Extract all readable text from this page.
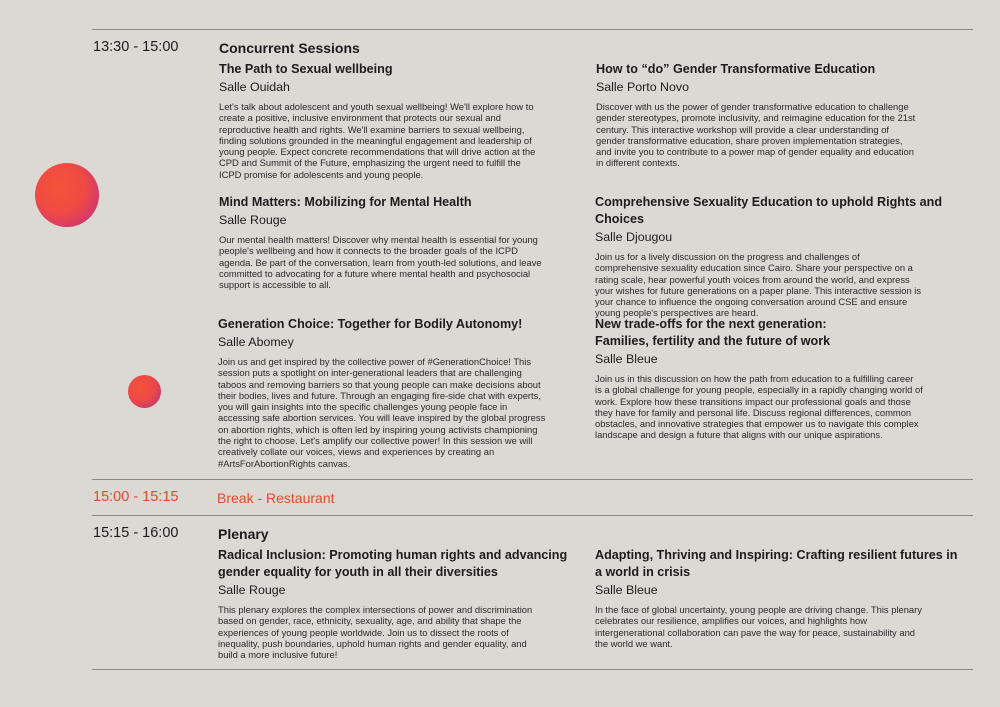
13:30 - 15:00	Concurrent Sessions
The Path to Sexual wellbeing
Salle Ouidah

Let's talk about adolescent and youth sexual wellbeing! We'll explore how to
create a positive, inclusive environment that protects our sexual and
reproductive health and rights. We'll examine barriers to sexual wellbeing,
finding solutions grounded in the meaningful engagement and leadership of
young people. Expect concrete recommendations that will drive action at the
CPD and Summit of the Future, emphasizing the urgent need to fulfill the
ICPD promise for adolescents and young people.

How to “do” Gender Transformative Education
Salle Porto Novo

Discover with us the power of gender transformative education to challenge
gender stereotypes, promote inclusivity, and reimagine education for the 21st
century. This interactive workshop will provide a clear understanding of
gender transformative education, share proven implementation strategies,
and invite you to contribute to a power map of gender equality and education
in different contexts.

Mind Matters: Mobilizing for Mental Health
Salle Rouge

Our mental health matters! Discover why mental health is essential for young
people's wellbeing and how it connects to the broader goals of the ICPD
agenda. Be part of the conversation, learn from youth-led solutions, and leave
committed to advocating for a future where mental health and psychosocial
support is accessible to all.

Comprehensive Sexuality Education to uphold Rights and Choices
Salle Djougou

Join us for a lively discussion on the progress and challenges of
comprehensive sexuality education since Cairo. Share your perspective on a
rating scale, hear powerful youth voices from around the world, and express
your wishes for future generations on a paper plane. This interactive session is
your chance to influence the ongoing conversation around CSE and ensure
young people's perspectives are heard.

Generation Choice: Together for Bodily Autonomy!
Salle Abomey

Join us and get inspired by the collective power of #GenerationChoice! This
session puts a spotlight on inter-generational leaders that are challenging
taboos and removing barriers so that young people can make decisions about
their bodies, lives and future. Through an engaging fire-side chat with experts,
you will gain insights into the specific challenges young people face in
accessing safe abortion services. You will leave inspired by the global progress
on abortion rights, which is often led by inspiring young activists championing
the right to choose. Let's amplify our collective power! In this session we will
creatively collate our voices, views and experiences by creating an
#ArtsForAbortionRights canvas.

New trade-offs for the next generation:
Families, fertility and the future of work
Salle Bleue

Join us in this discussion on how the path from education to a fulfilling career
is a global challenge for young people, especially in a rapidly changing world of
work. Explore how these transitions impact our professional goals and those
they have for family and personal life. Discuss regional differences, common
obstacles, and innovative strategies that empower us to navigate this complex
landscape and design a future that aligns with our unique aspirations.

15:00 - 15:15	Break - Restaurant
15:15 - 16:00	Plenary
Radical Inclusion: Promoting human rights and advancing
gender equality for youth in all their diversities
Salle Rouge

This plenary explores the complex intersections of power and discrimination
based on gender, race, ethnicity, sexuality, age, and ability that shape the
experiences of young people worldwide. Join us to dissect the roots of
inequality, push boundaries, uphold human rights and gender equality, and
build a more inclusive future!

Adapting, Thriving and Inspiring: Crafting resilient futures in
a world in crisis
Salle Bleue

In the face of global uncertainty, young people are driving change. This plenary
celebrates our resilience, amplifies our voices, and highlights how
intergenerational collaboration can pave the way for peace, sustainability and
the world we want.
